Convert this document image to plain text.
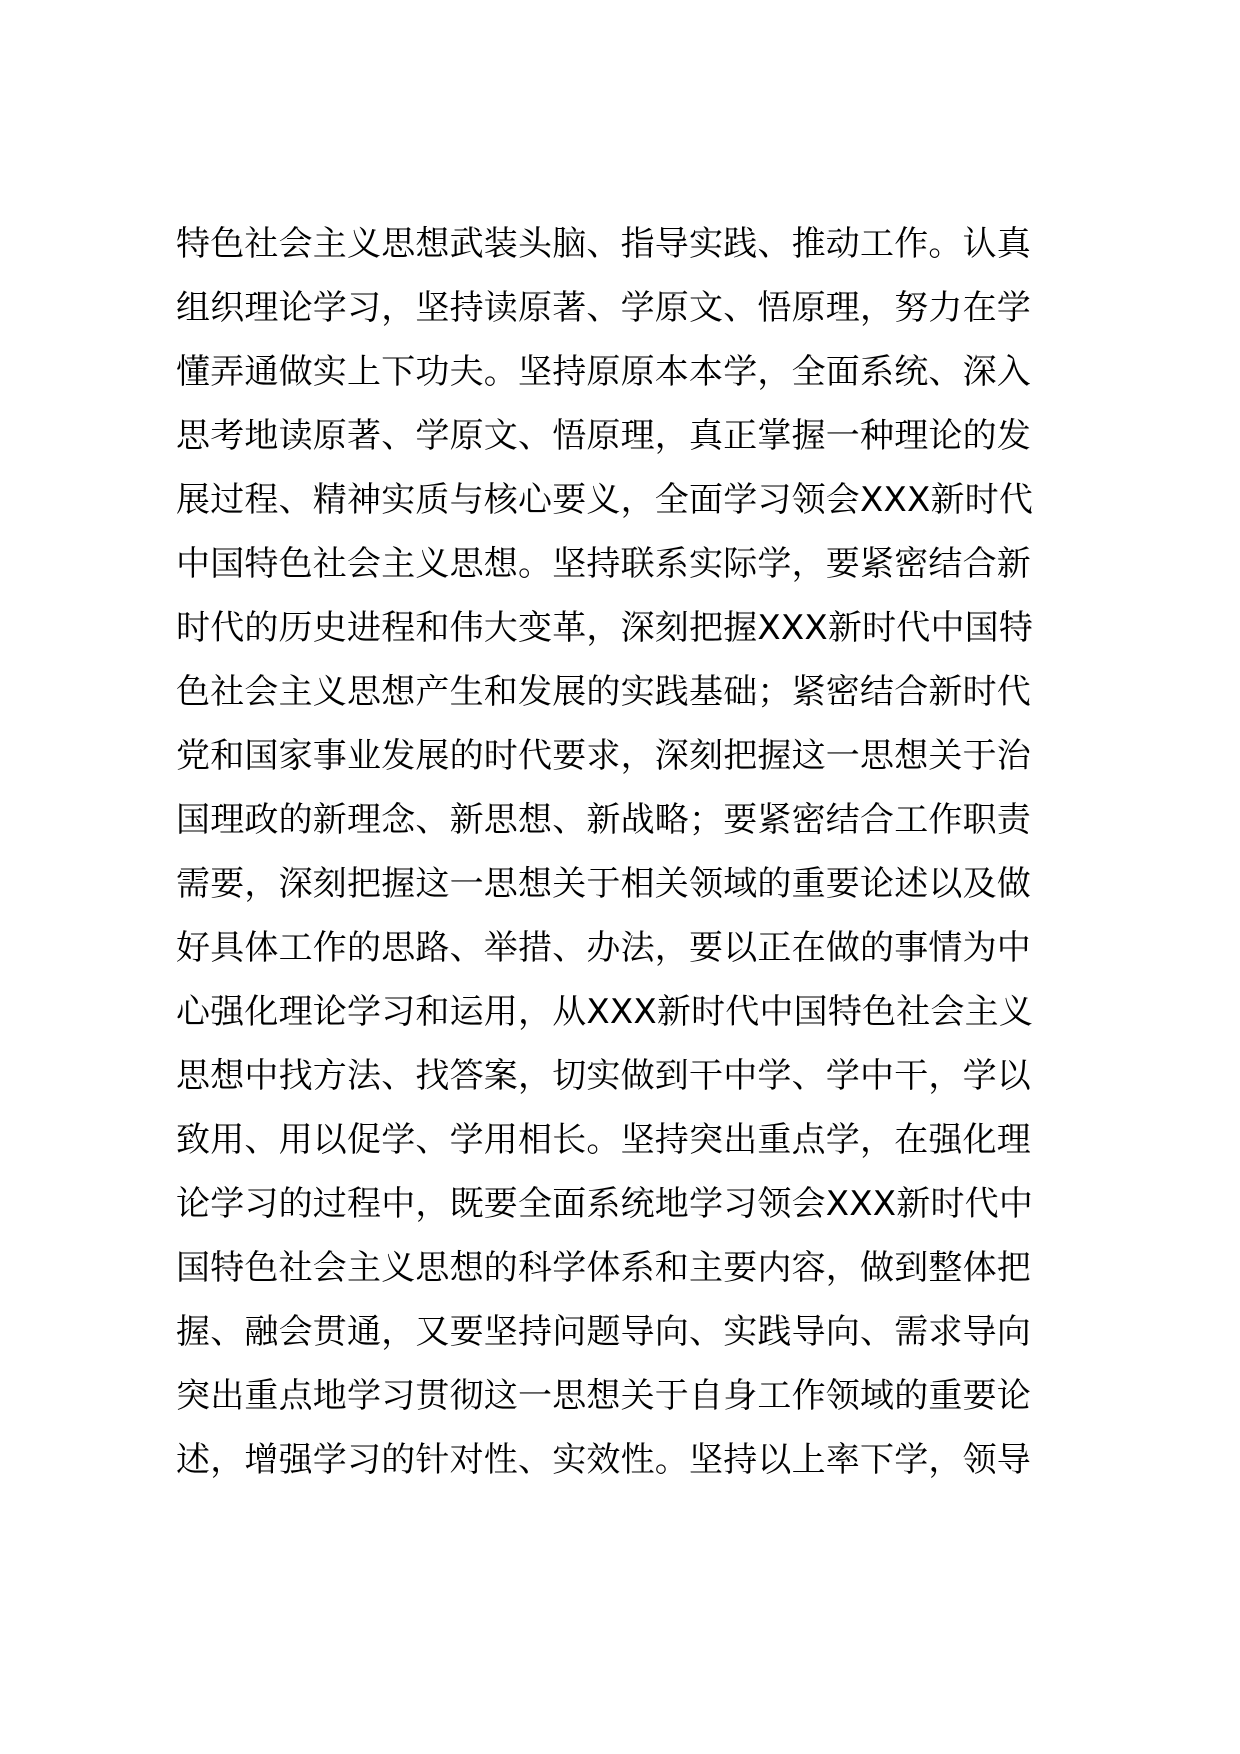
特色社会主义思想武装头脑、指导实践、推动工作。认真
组织理论学习，坚持读原著、学原文、悟原理，努力在学
懂弄通做实上下功夫。坚持原原本本学，全面系统、深入
思考地读原著、学原文、悟原理，真正掌握一种理论的发
展过程、精神实质与核心要义，全面学习领会XXX新时代
中国特色社会主义思想。坚持联系实际学，要紧密结合新
时代的历史进程和伟大变革，深刻把握XXX新时代中国特
色社会主义思想产生和发展的实践基础；紧密结合新时代
党和国家事业发展的时代要求，深刻把握这一思想关于治
国理政的新理念、新思想、新战略；要紧密结合工作职责
需要，深刻把握这一思想关于相关领域的重要论述以及做
好具体工作的思路、举措、办法，要以正在做的事情为中
心强化理论学习和运用，从XXX新时代中国特色社会主义
思想中找方法、找答案，切实做到干中学、学中干，学以
致用、用以促学、学用相长。坚持突出重点学，在强化理
论学习的过程中，既要全面系统地学习领会XXX新时代中
国特色社会主义思想的科学体系和主要内容，做到整体把
握、融会贯通，又要坚持问题导向、实践导向、需求导向
突出重点地学习贯彻这一思想关于自身工作领域的重要论
述，增强学习的针对性、实效性。坚持以上率下学，领导
